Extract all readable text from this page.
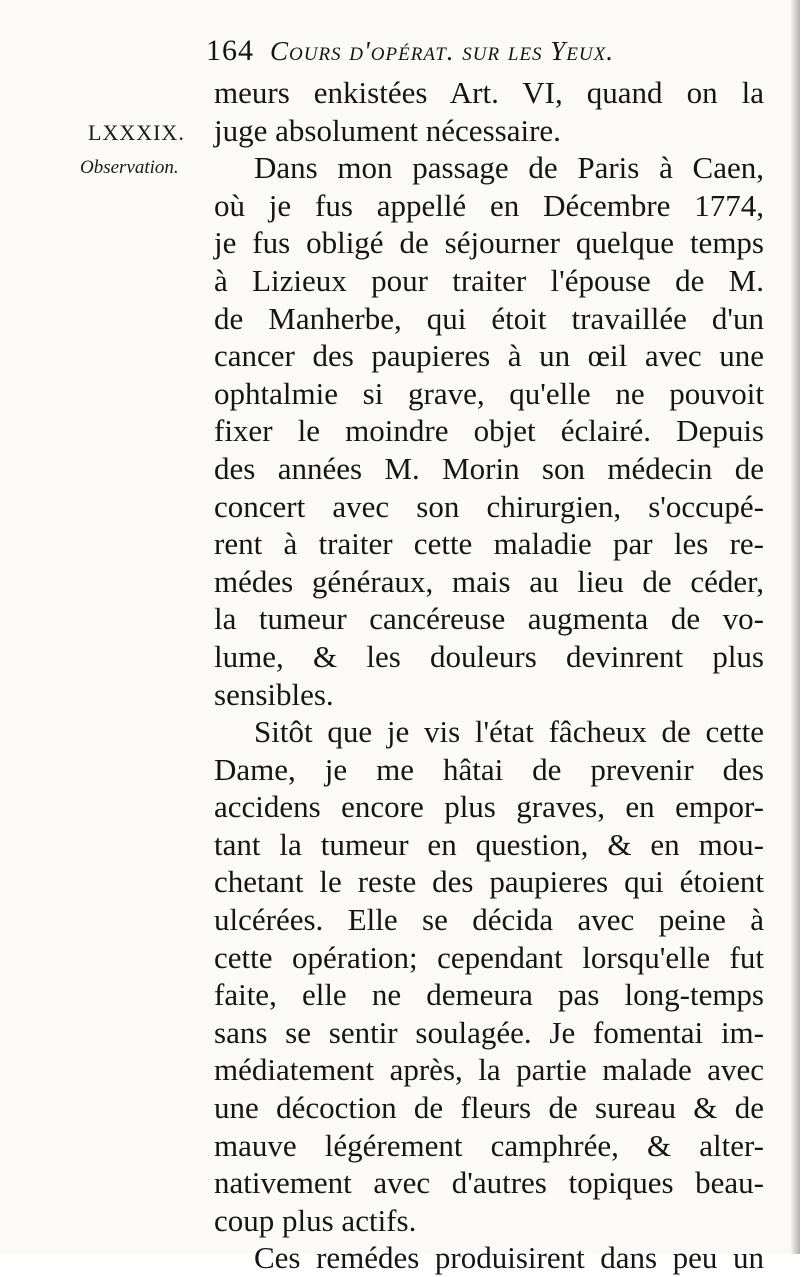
164 Cours d'opérat. sur les Yeux.
LXXXIX.
Observation.
meurs enkistées Art. VI, quand on la
juge absolument nécessaire.
Dans mon passage de Paris à Caen,
où je fus appellé en Décembre 1774,
je fus obligé de séjourner quelque temps
à Lizieux pour traiter l'épouse de M.
de Manherbe, qui étoit travaillée d'un
cancer des paupieres à un œil avec une
ophtalmie si grave, qu'elle ne pouvoit
fixer le moindre objet éclairé. Depuis
des années M. Morin son médecin de
concert avec son chirurgien, s'occupé-
rent à traiter cette maladie par les re-
médes généraux, mais au lieu de céder,
la tumeur cancéreuse augmenta de vo-
lume, & les douleurs devinrent plus
sensibles.
Sitôt que je vis l'état fâcheux de cette
Dame, je me hâtai de prevenir des
accidens encore plus graves, en empor-
tant la tumeur en question, & en mou-
chetant le reste des paupieres qui étoient
ulcérées. Elle se décida avec peine à
cette opération; cependant lorsqu'elle fut
faite, elle ne demeura pas long-temps
sans se sentir soulagée. Je fomentai im-
médiatement après, la partie malade avec
une décoction de fleurs de sureau & de
mauve légérement camphrée, & alter-
nativement avec d'autres topiques beau-
coup plus actifs.
Ces remédes produisirent dans peu un
